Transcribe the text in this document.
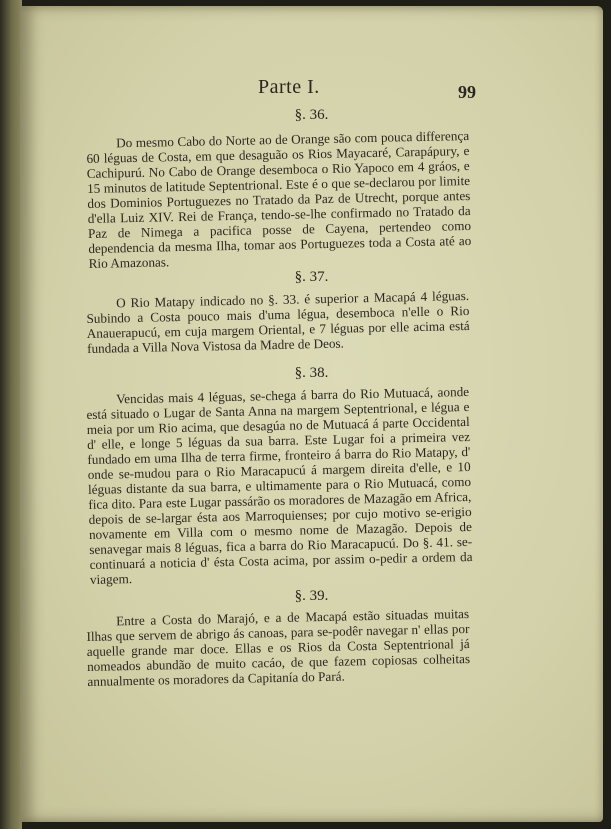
Parte I.	99
§. 36.
Do mesmo Cabo do Norte ao de Orange são com pouca differença 60 léguas de Costa, em que desaguão os Rios Mayacaré, Carapápury, e Cachipurú. No Cabo de Orange desemboca o Rio Yapoco em 4 gráos, e 15 minutos de latitude Septentrional. Este é o que se-declarou por limite dos Dominios Portuguezes no Tratado da Paz de Utrecht, porque antes d'ella Luiz XIV. Rei de França, tendo-se-lhe confirmado no Tratado da Paz de Nimega a pacifica posse de Cayena, pertendeo como dependencia da mesma Ilha, tomar aos Portuguezes toda a Costa até ao Rio Amazonas.
§. 37.
O Rio Matapy indicado no §. 33. é superior a Macapá 4 léguas. Subindo a Costa pouco mais d'uma légua, desemboca n'elle o Rio Anauerapucú, em cuja margem Oriental, e 7 léguas por elle acima está fundada a Villa Nova Vistosa da Madre de Deos.
§. 38.
Vencidas mais 4 léguas, se-chega á barra do Rio Mutuacá, aonde está situado o Lugar de Santa Anna na margem Septentrional, e légua e meia por um Rio acima, que desagúa no de Mutuacá á parte Occidental d' elle, e longe 5 léguas da sua barra. Este Lugar foi a primeira vez fundado em uma Ilha de terra firme, fronteiro á barra do Rio Matapy, d' onde se-mudou para o Rio Maracapucú á margem direita d'elle, e 10 léguas distante da sua barra, e ultimamente para o Rio Mutuacá, como fica dito. Para este Lugar passárão os moradores de Mazagão em Africa, depois de se-largar ésta aos Marroquienses; por cujo motivo se-erigio novamente em Villa com o mesmo nome de Mazagão. Depois de senavegar mais 8 léguas, fica a barra do Rio Maracapucú. Do §. 41. se-continuará a noticia d' ésta Costa acima, por assim o-pedir a ordem da viagem.
§. 39.
Entre a Costa do Marajó, e a de Macapá estão situadas muitas Ilhas que servem de abrigo ás canoas, para se-podêr navegar n' ellas por aquelle grande mar doce. Ellas e os Rios da Costa Septentrional já nomeados abundão de muito cacáo, de que fazem copiosas colheitas annualmente os moradores da Capitanía do Pará.
